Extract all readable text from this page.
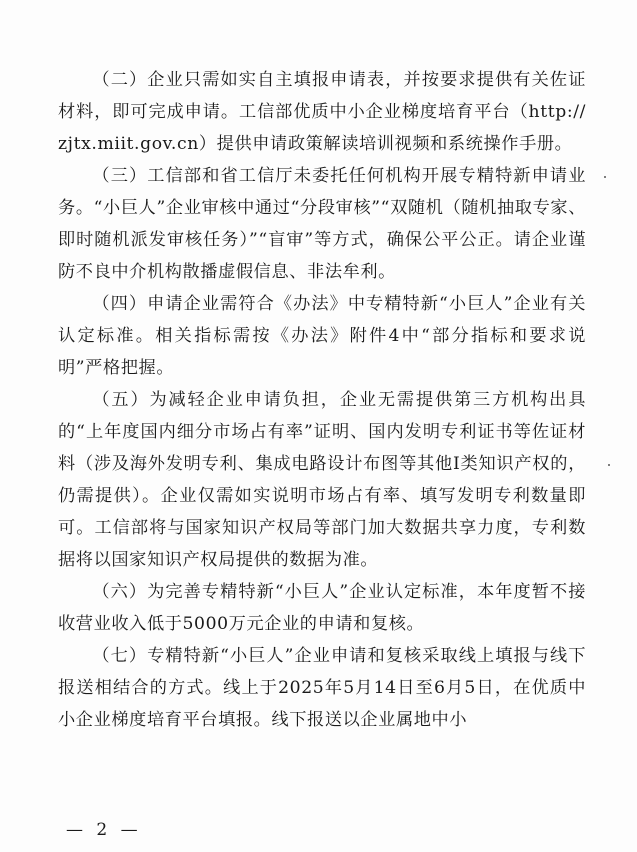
（二）企业只需如实自主填报申请表，并按要求提供有关佐证材料，即可完成申请。工信部优质中小企业梯度培育平台（http://zjtx.miit.gov.cn）提供申请政策解读培训视频和系统操作手册。

（三）工信部和省工信厅未委托任何机构开展专精特新申请业务。“小巨人”企业审核中通过“分段审核”“双随机（随机抽取专家、即时随机派发审核任务）”“盲审”等方式，确保公平公正。请企业谨防不良中介机构散播虚假信息、非法牟利。

（四）申请企业需符合《办法》中专精特新“小巨人”企业有关认定标准。相关指标需按《办法》附件4中“部分指标和要求说明”严格把握。

（五）为减轻企业申请负担，企业无需提供第三方机构出具的“上年度国内细分市场占有率”证明、国内发明专利证书等佐证材料（涉及海外发明专利、集成电路设计布图等其他I类知识产权的，仍需提供）。企业仅需如实说明市场占有率、填写发明专利数量即可。工信部将与国家知识产权局等部门加大数据共享力度，专利数据将以国家知识产权局提供的数据为准。

（六）为完善专精特新“小巨人”企业认定标准，本年度暂不接收营业收入低于5000万元企业的申请和复核。

（七）专精特新“小巨人”企业申请和复核采取线上填报与线下报送相结合的方式。线上于2025年5月14日至6月5日，在优质中小企业梯度培育平台填报。线下报送以企业属地中小

— 2 —
